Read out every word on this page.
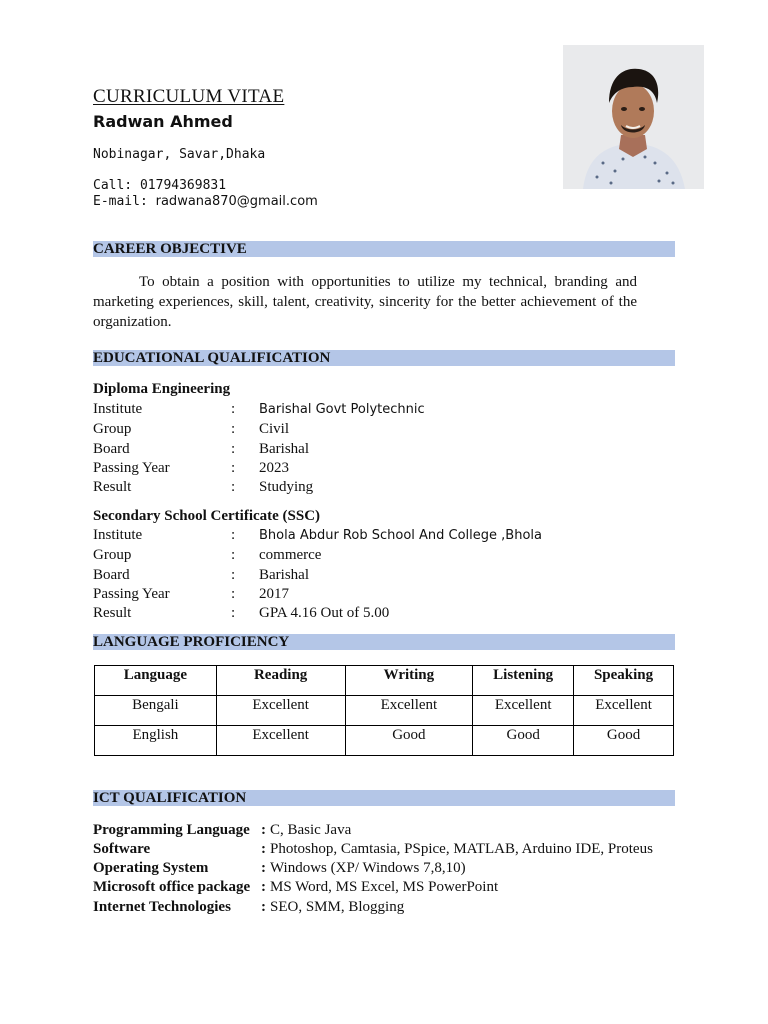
CURRICULUM VITAE
Radwan Ahmed
Nobinagar, Savar,Dhaka
Call: 01794369831
E-mail: radwana870@gmail.com
CAREER OBJECTIVE
To obtain a position with opportunities to utilize my technical, branding and marketing experiences, skill, talent, creativity, sincerity for the better achievement of the organization.
EDUCATIONAL QUALIFICATION
Diploma Engineering
Institute	: Barishal Govt Polytechnic
Group	: Civil
Board	: Barishal
Passing Year	: 2023
Result	: Studying
Secondary School Certificate (SSC)
Institute	: Bhola Abdur Rob School And College ,Bhola
Group	: commerce
Board	: Barishal
Passing Year	: 2017
Result	: GPA 4.16 Out of 5.00
LANGUAGE PROFICIENCY
Language	Reading	Writing	Listening	Speaking
Bengali	Excellent	Excellent	Excellent	Excellent
English	Excellent	Good	Good	Good
ICT QUALIFICATION
Programming Language : C, Basic Java
Software	: Photoshop, Camtasia, PSpice, MATLAB, Arduino IDE, Proteus
Operating System	: Windows (XP/ Windows 7,8,10)
Microsoft office package : MS Word, MS Excel, MS PowerPoint
Internet Technologies : SEO, SMM, Blogging
